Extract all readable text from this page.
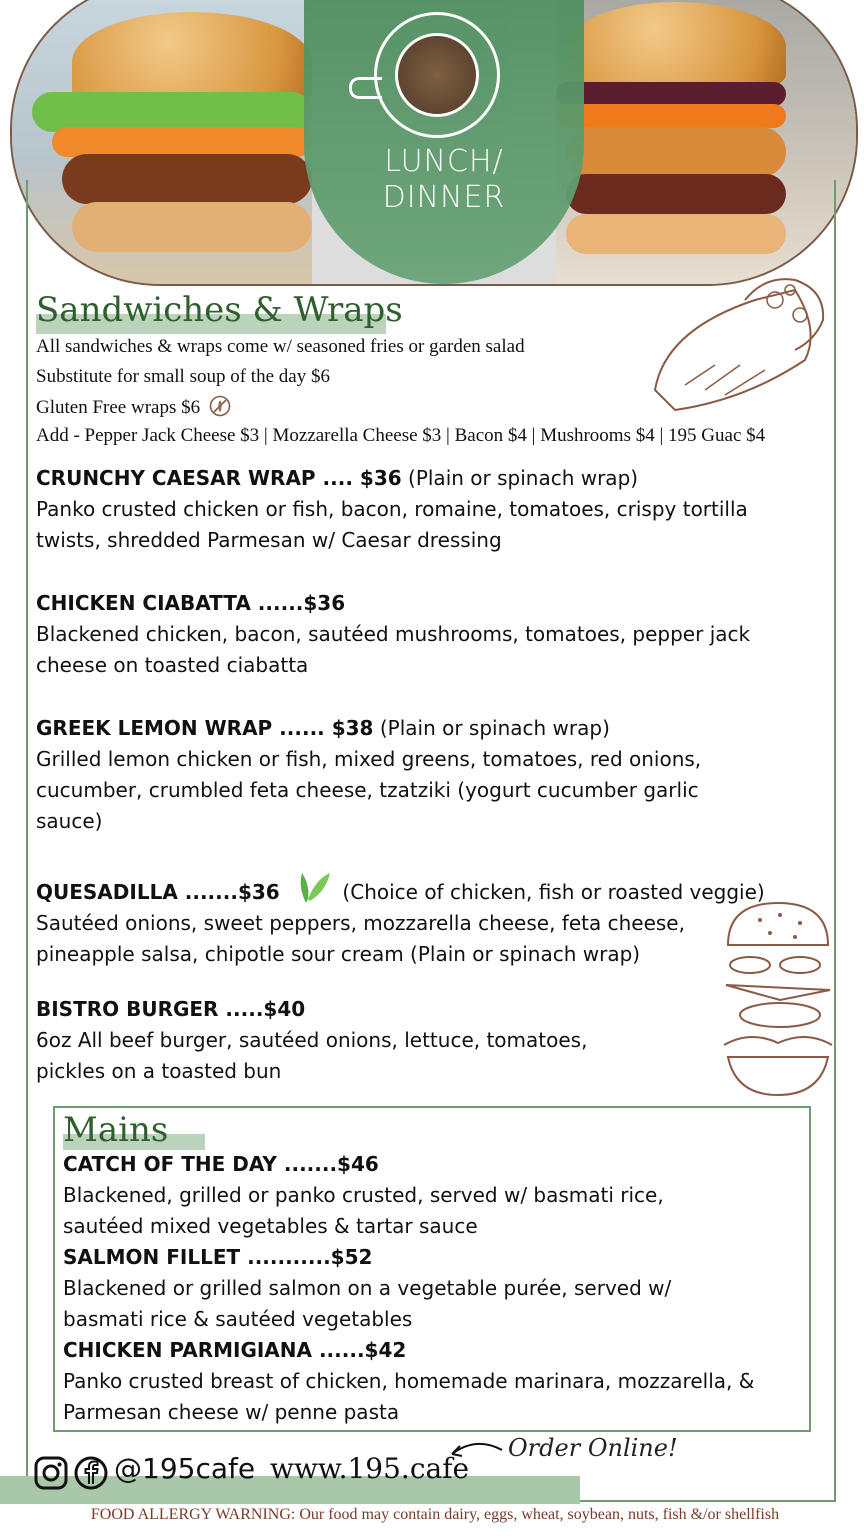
LUNCH/
DINNER
Sandwiches & Wraps
All sandwiches & wraps come w/ seasoned fries or garden salad
Substitute for small soup of the day $6
Gluten Free wraps $6
Add - Pepper Jack Cheese $3 | Mozzarella Cheese $3 | Bacon $4 | Mushrooms $4 | 195 Guac $4
CRUNCHY CAESAR WRAP .... $36 (Plain or spinach wrap)
Panko crusted chicken or fish, bacon, romaine, tomatoes, crispy tortilla twists, shredded Parmesan w/ Caesar dressing
CHICKEN CIABATTA ......$36
Blackened chicken, bacon, sautéed mushrooms, tomatoes, pepper jack cheese on toasted ciabatta
GREEK LEMON WRAP ...... $38 (Plain or spinach wrap)
Grilled lemon chicken or fish, mixed greens, tomatoes, red onions, cucumber, crumbled feta cheese, tzatziki (yogurt cucumber garlic sauce)
QUESADILLA .......$36	(Choice of chicken, fish or roasted veggie)
Sautéed onions, sweet peppers, mozzarella cheese, feta cheese, pineapple salsa, chipotle sour cream (Plain or spinach wrap)
BISTRO BURGER .....$40
6oz All beef burger, sautéed onions, lettuce, tomatoes, pickles on a toasted bun
Mains
CATCH OF THE DAY .......$46
Blackened, grilled or panko crusted, served w/ basmati rice, sautéed mixed vegetables & tartar sauce
SALMON FILLET ...........$52
Blackened or grilled salmon on a vegetable purée, served w/ basmati rice & sautéed vegetables
CHICKEN PARMIGIANA ......$42
Panko crusted breast of chicken, homemade marinara, mozzarella, & Parmesan cheese w/ penne pasta
@195cafe www.195.cafe
Order Online!
FOOD ALLERGY WARNING: Our food may contain dairy, eggs, wheat, soybean, nuts, fish &/or shellfish
